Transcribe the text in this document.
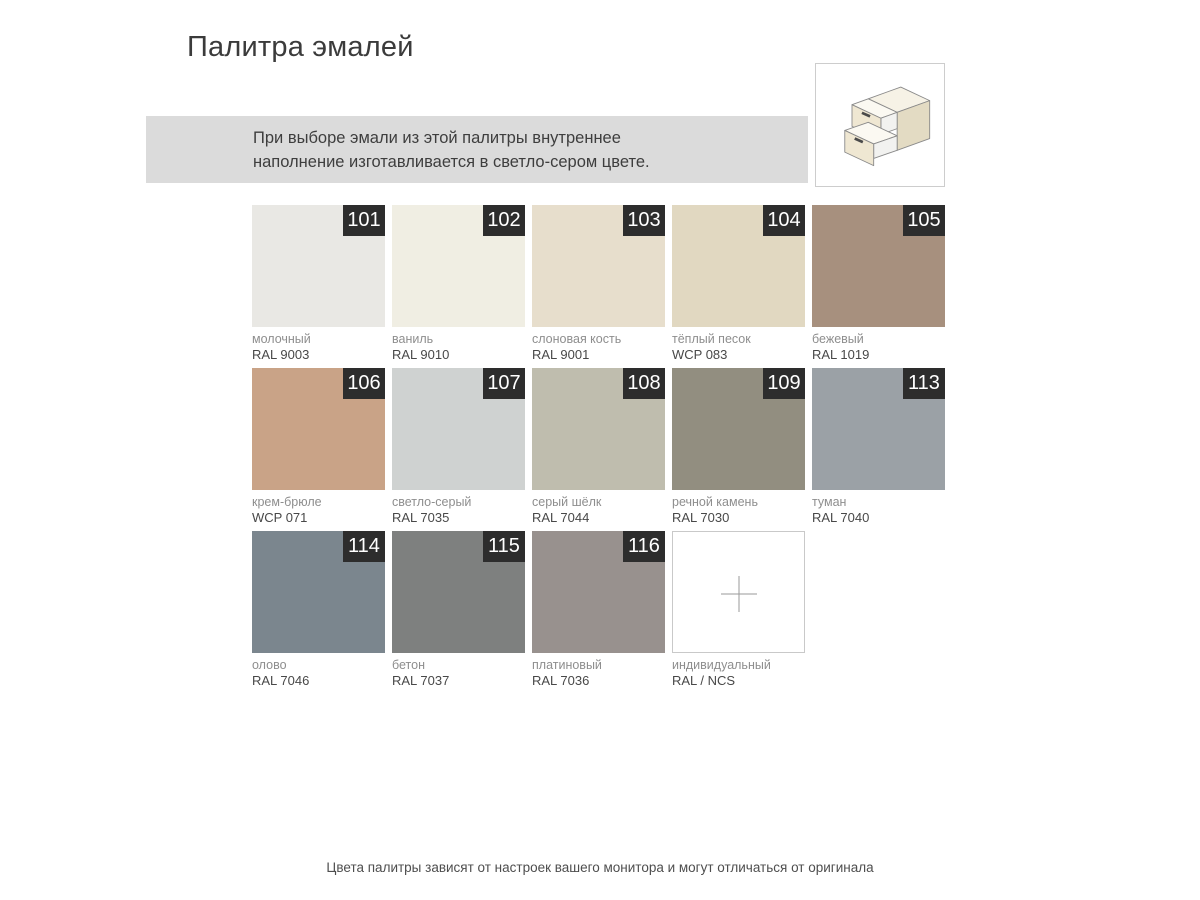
Палитра эмалей
При выборе эмали из этой палитры внутреннее
наполнение изготавливается в светло-сером цвете.
101
молочный
RAL 9003
102
ваниль
RAL 9010
103
слоновая кость
RAL 9001
104
тёплый песок
WCP 083
105
бежевый
RAL 1019
106
крем-брюле
WCP 071
107
светло-серый
RAL 7035
108
серый шёлк
RAL 7044
109
речной камень
RAL 7030
113
туман
RAL 7040
114
олово
RAL 7046
115
бетон
RAL 7037
116
платиновый
RAL 7036
индивидуальный
RAL / NCS
Цвета палитры зависят от настроек вашего монитора и могут отличаться от оригинала
